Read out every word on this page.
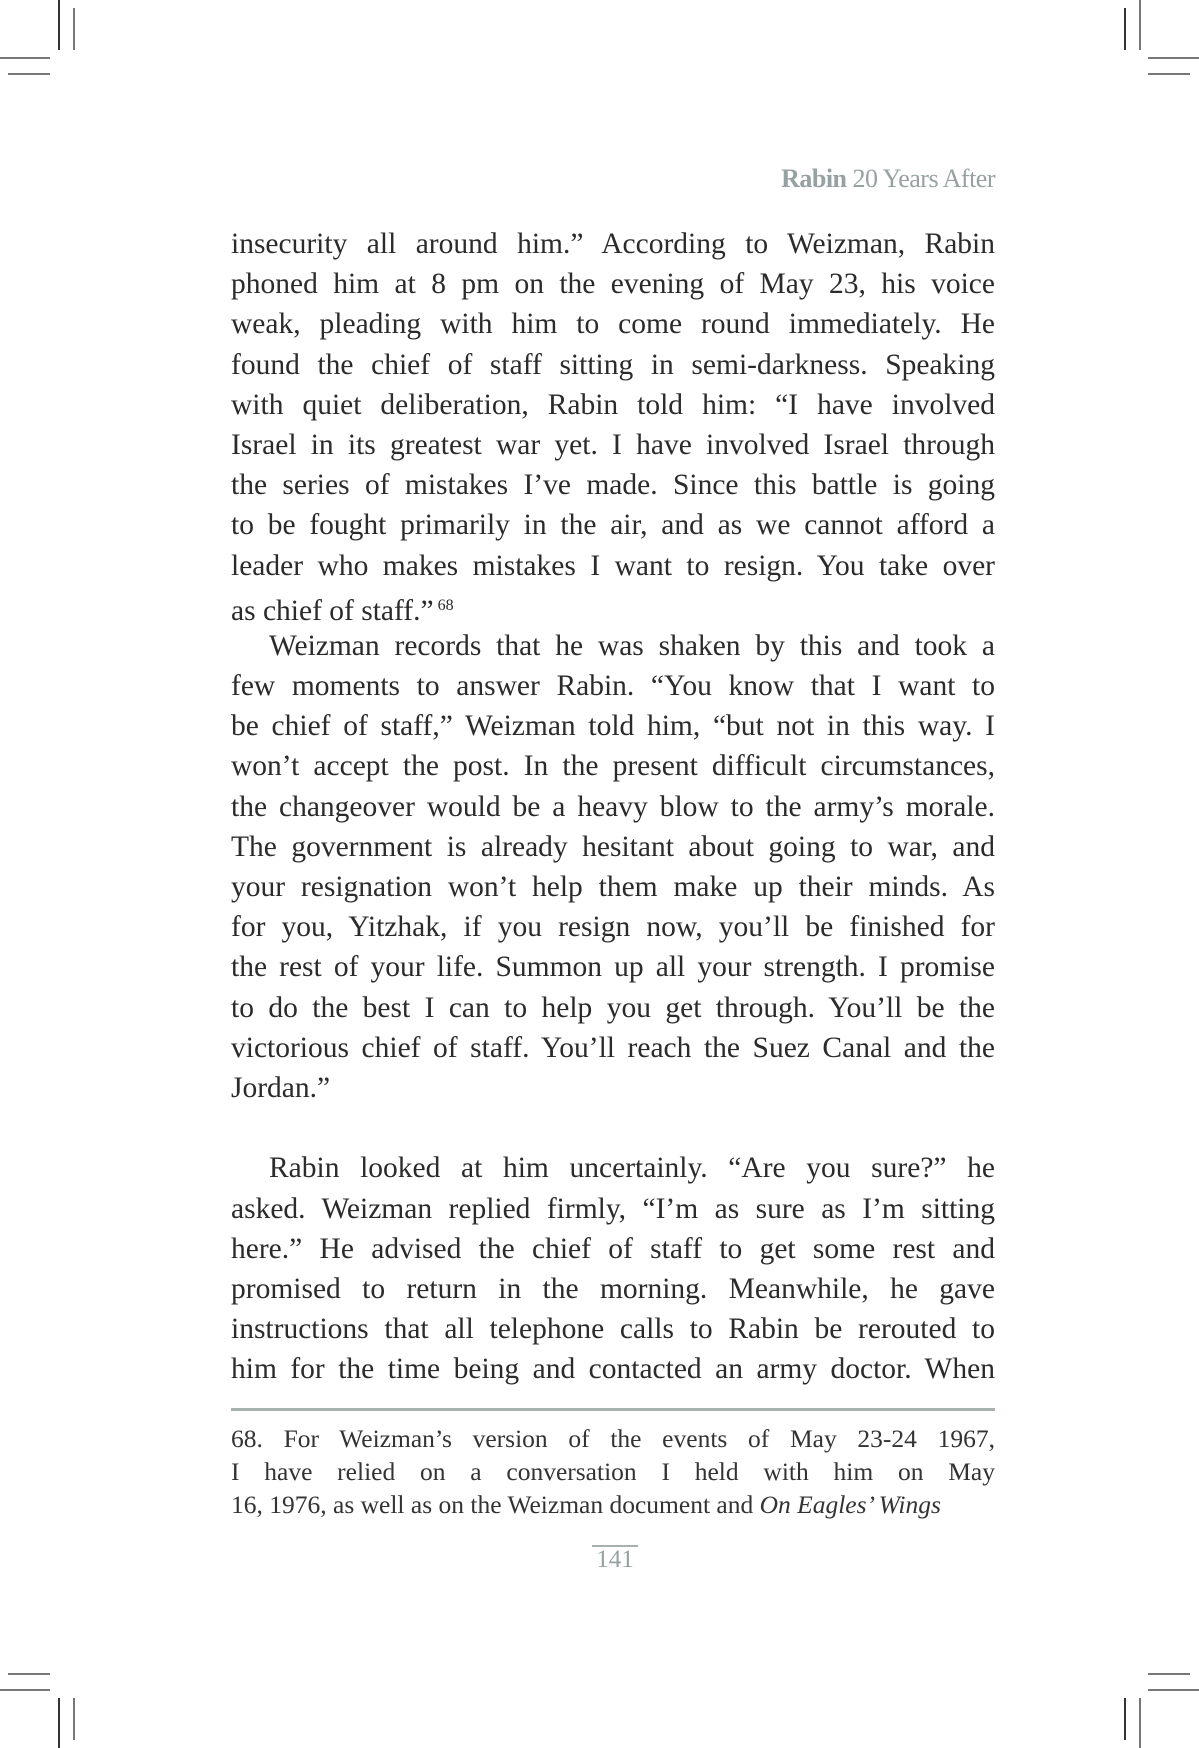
Rabin 20 Years After
insecurity all around him.” According to Weizman, Rabin
phoned him at 8 pm on the evening of May 23, his voice
weak, pleading with him to come round immediately. He
found the chief of staff sitting in semi-darkness. Speaking
with quiet deliberation, Rabin told him: “I have involved
Israel in its greatest war yet. I have involved Israel through
the series of mistakes I’ve made. Since this battle is going
to be fought primarily in the air, and as we cannot afford a
leader who makes mistakes I want to resign. You take over
as chief of staff.” $^{68}$
Weizman records that he was shaken by this and took a
few moments to answer Rabin. “You know that I want to
be chief of staff,” Weizman told him, “but not in this way. I
won’t accept the post. In the present difficult circumstances,
the changeover would be a heavy blow to the army’s morale.
The government is already hesitant about going to war, and
your resignation won’t help them make up their minds. As
for you, Yitzhak, if you resign now, you’ll be finished for
the rest of your life. Summon up all your strength. I promise
to do the best I can to help you get through. You’ll be the
victorious chief of staff. You’ll reach the Suez Canal and the
Jordan.”
Rabin looked at him uncertainly. “Are you sure?” he
asked. Weizman replied firmly, “I’m as sure as I’m sitting
here.” He advised the chief of staff to get some rest and
promised to return in the morning. Meanwhile, he gave
instructions that all telephone calls to Rabin be rerouted to
him for the time being and contacted an army doctor. When
68. For Weizman’s version of the events of May 23-24 1967,
I have relied on a conversation I held with him on May
16, 1976, as well as on the Weizman document and On Eagles’ Wings
141
